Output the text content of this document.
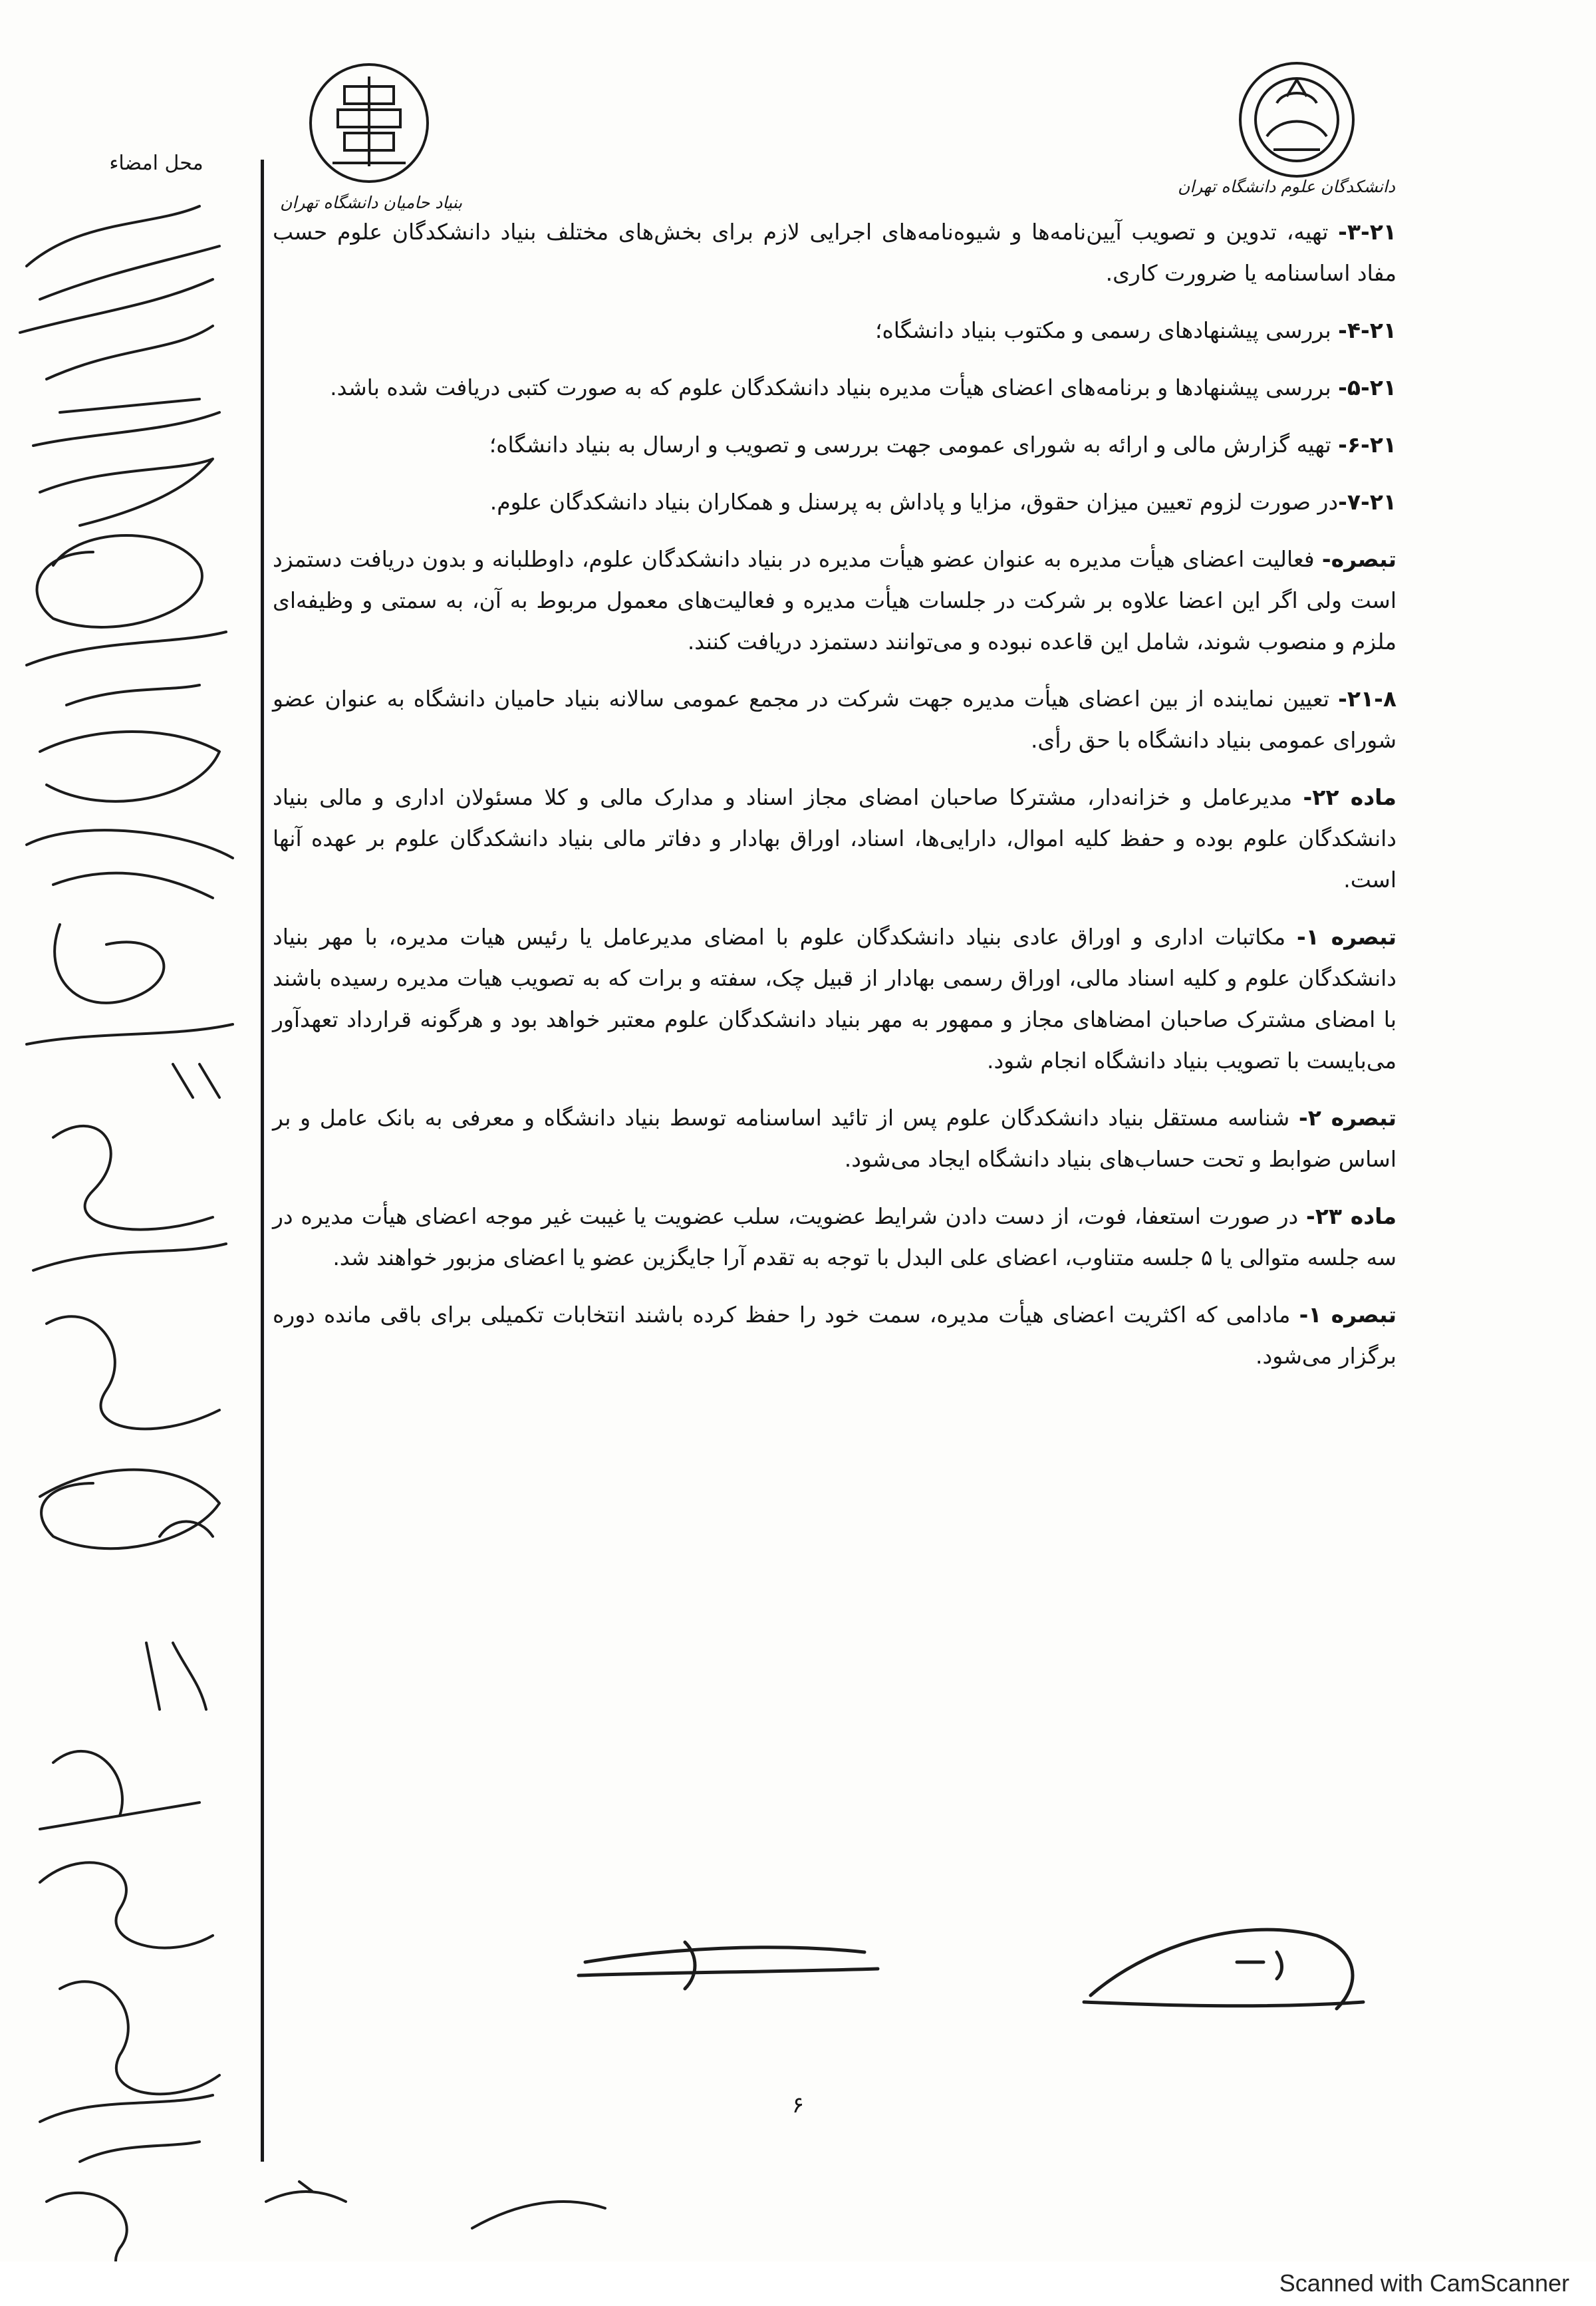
محل امضاء
بنیاد حامیان دانشگاه تهران
دانشکدگان علوم دانشگاه تهران

۳-۲۱- تهیه، تدوین و تصویب آیین‌نامه‌ها و شیوه‌نامه‌های اجرایی لازم برای بخش‌های مختلف بنیاد دانشکدگان علوم حسب مفاد اساسنامه یا ضرورت کاری.

۴-۲۱- بررسی پیشنهادهای رسمی و مکتوب بنیاد دانشگاه؛

۵-۲۱- بررسی پیشنهادها و برنامه‌های اعضای هیأت مدیره بنیاد دانشکدگان علوم که به صورت کتبی دریافت شده باشد.

۶-۲۱- تهیه گزارش مالی و ارائه به شورای عمومی جهت بررسی و تصویب و ارسال به بنیاد دانشگاه؛

۷-۲۱-در صورت لزوم تعیین میزان حقوق، مزایا و پاداش به پرسنل و همکاران بنیاد دانشکدگان علوم.

تبصره- فعالیت اعضای هیأت مدیره به عنوان عضو هیأت مدیره در بنیاد دانشکدگان علوم، داوطلبانه و بدون دریافت دستمزد است ولی اگر این اعضا علاوه بر شرکت در جلسات هیأت مدیره و فعالیت‌های معمول مربوط به آن، به سمتی و وظیفه‌ای ملزم و منصوب شوند، شامل این قاعده نبوده و می‌توانند دستمزد دریافت کنند.

۲۱-۸- تعیین نماینده از بین اعضای هیأت مدیره جهت شرکت در مجمع عمومی سالانه بنیاد حامیان دانشگاه به عنوان عضو شورای عمومی بنیاد دانشگاه با حق رأی.

ماده ۲۲- مدیرعامل و خزانه‌دار، مشترکا صاحبان امضای مجاز اسناد و مدارک مالی و کلا مسئولان اداری و مالی بنیاد دانشکدگان علوم بوده و حفظ کلیه اموال، دارایی‌ها، اسناد، اوراق بهادار و دفاتر مالی بنیاد دانشکدگان علوم بر عهده آنها است.

تبصره ۱- مکاتبات اداری و اوراق عادی بنیاد دانشکدگان علوم با امضای مدیرعامل یا رئیس هیات مدیره، با مهر بنیاد دانشکدگان علوم و کلیه اسناد مالی، اوراق رسمی بهادار از قبیل چک، سفته و برات که به تصویب هیات مدیره رسیده باشند با امضای مشترک صاحبان امضاهای مجاز و ممهور به مهر بنیاد دانشکدگان علوم معتبر خواهد بود و هرگونه قرارداد تعهدآور می‌بایست با تصویب بنیاد دانشگاه انجام شود.

تبصره ۲- شناسه مستقل بنیاد دانشکدگان علوم پس از تائید اساسنامه توسط بنیاد دانشگاه و معرفی به بانک عامل و بر اساس ضوابط و تحت حساب‌های بنیاد دانشگاه ایجاد می‌شود.

ماده ۲۳- در صورت استعفا، فوت، از دست دادن شرایط عضویت، سلب عضویت یا غیبت غیر موجه اعضای هیأت مدیره در سه جلسه متوالی یا ۵ جلسه متناوب، اعضای علی البدل با توجه به تقدم آرا جایگزین عضو یا اعضای مزبور خواهند شد.

تبصره ۱- مادامی که اکثریت اعضای هیأت مدیره، سمت خود را حفظ کرده باشند انتخابات تکمیلی برای باقی مانده دوره برگزار می‌شود.

۶
Scanned with CamScanner
